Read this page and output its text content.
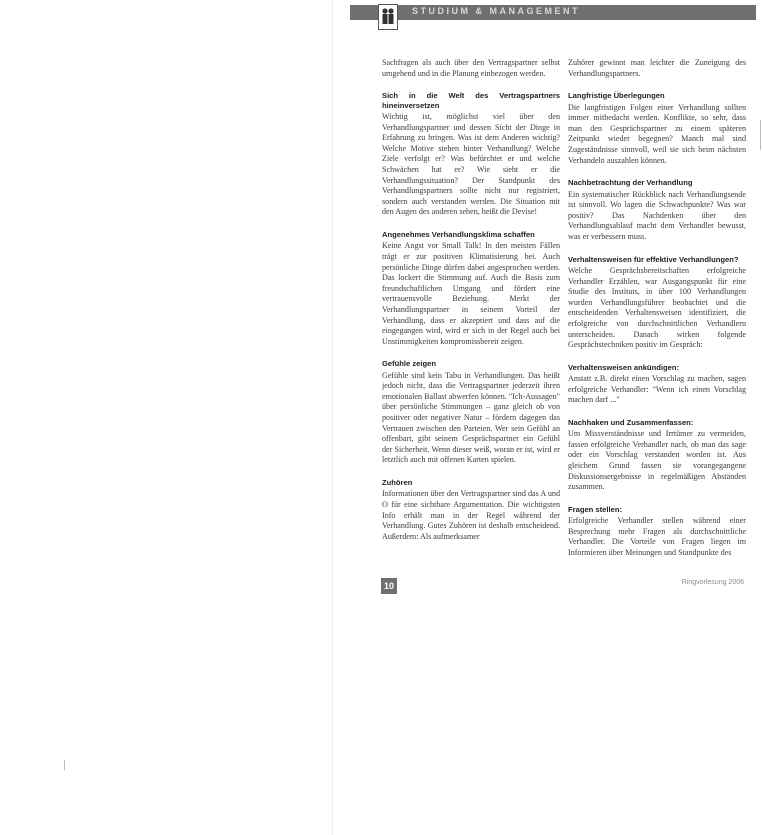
STUDIUM & MANAGEMENT

Sachfragen als auch über den Vertragspartner selbst umgehend und in die Planung einbezogen werden.

Sich in die Welt des Vertragspartners hineinversetzen

Wichtig ist, möglichst viel über den Verhandlungspartner und dessen Sicht der Dinge in Erfahrung zu bringen. Was ist dem Anderen wichtig? Welche Motive stehen hinter Verhandlung? Welche Ziele verfolgt er? Was befürchtet er und welche Schwächen hat er? Wie sieht er die Verhandlungssituation? Der Standpunkt des Verhandlungspartners sollte nicht nur registriert, sondern auch verstanden werden. Die Situation mit den Augen des anderen sehen, heißt die Devise!

Angenehmes Verhandlungsklima schaffen

Keine Angst vor Small Talk! In den meisten Fällen trägt er zur positiven Klimatisierung bei. Auch persönliche Dinge dürfen dabei angesprochen werden. Das lockert die Stimmung auf. Auch die Basis zum freundschaftlichen Umgang und fördert eine vertrauensvolle Beziehung. Merkt der Verhandlungspartner in seinem Vorteil der Verhandlung, dass er akzeptiert und dass auf die eingegangen wird, wird er sich in der Regel auch bei Unstimmigkeiten kompromissbereit zeigen.

Gefühle zeigen

Gefühle sind kein Tabu in Verhandlungen. Das heißt jedoch nicht, dass die Vertragspartner jederzeit ihren emotionalen Ballast abwerfen können. "Ich-Aussagen" über persönliche Stimmungen – ganz gleich ob von positiver oder negativer Natur – fördern dagegen das Vertrauen zwischen den Parteien. Wer sein Gefühl an offenbart, gibt seinem Gesprächspartner ein Gefühl der Sicherheit. Wenn dieser weiß, woran er ist, wird er letztlich auch mit offenen Karten spielen.

Zuhören

Informationen über den Vertragspartner sind das A und O für eine sichtbare Argumentation. Die wichtigsten Info erhält man in der Regel während der Verhandlung. Gutes Zuhören ist deshalb entscheidend. Außerdem: Als aufmerksamer

Zuhörer gewinnt man leichter die Zuneigung des Verhandlungspartners.

Langfristige Überlegungen

Die langfristigen Folgen einer Verhandlung sollten immer mitbedacht werden. Konflikte, so sehr, dass man den Gesprächspartner zu einem späteren Zeitpunkt wieder begegnen? Manch mal sind Zugeständnisse sinnvoll, weil sie sich beim nächsten Verhandeln auszahlen können.

Nachbetrachtung der Verhandlung

Ein systematischer Rückblick nach Verhandlungsende ist sinnvoll. Wo lagen die Schwachpunkte? Was war positiv? Das Nachdenken über den Verhandlungsablauf macht dem Verhandler bewusst, was er verbessern muss.

Verhaltensweisen für effektive Verhandlungen?

Welche Gesprächsbereitschaften erfolgreiche Verhandler Erzählen, war Ausgangspunkt für eine Studie des Instituts, in über 100 Verhandlungen wurden Verhandlungsführer beobachtet und die entscheidenden Verhaltensweisen identifiziert, die erfolgreiche von durchschnittlichen Verhandlern unterscheiden. Danach wirken folgende Gesprächstechniken positiv im Gespräch:

Verhaltensweisen ankündigen:

Anstatt z.B. direkt einen Vorschlag zu machen, sagen erfolgreiche Verhandler: "Wenn ich einen Vorschlag machen darf ..."

Nachhaken und Zusammenfassen:

Um Missverständnisse und Irrtümer zu vermeiden, fassen erfolgreiche Verhandler nach, ob man das sage oder ein Vorschlag verstanden worden ist. Aus gleichem Grund fassen sie vorangegangene Diskussionsergebnisse in regelmäßigen Abständen zusammen.

Fragen stellen:

Erfolgreiche Verhandler stellen während einer Besprechung mehr Fragen als durchschnittliche Verhandler. Die Vorteile von Fragen liegen im Informieren über Meinungen und Standpunkte des

10	Ringvorlesung 2006
